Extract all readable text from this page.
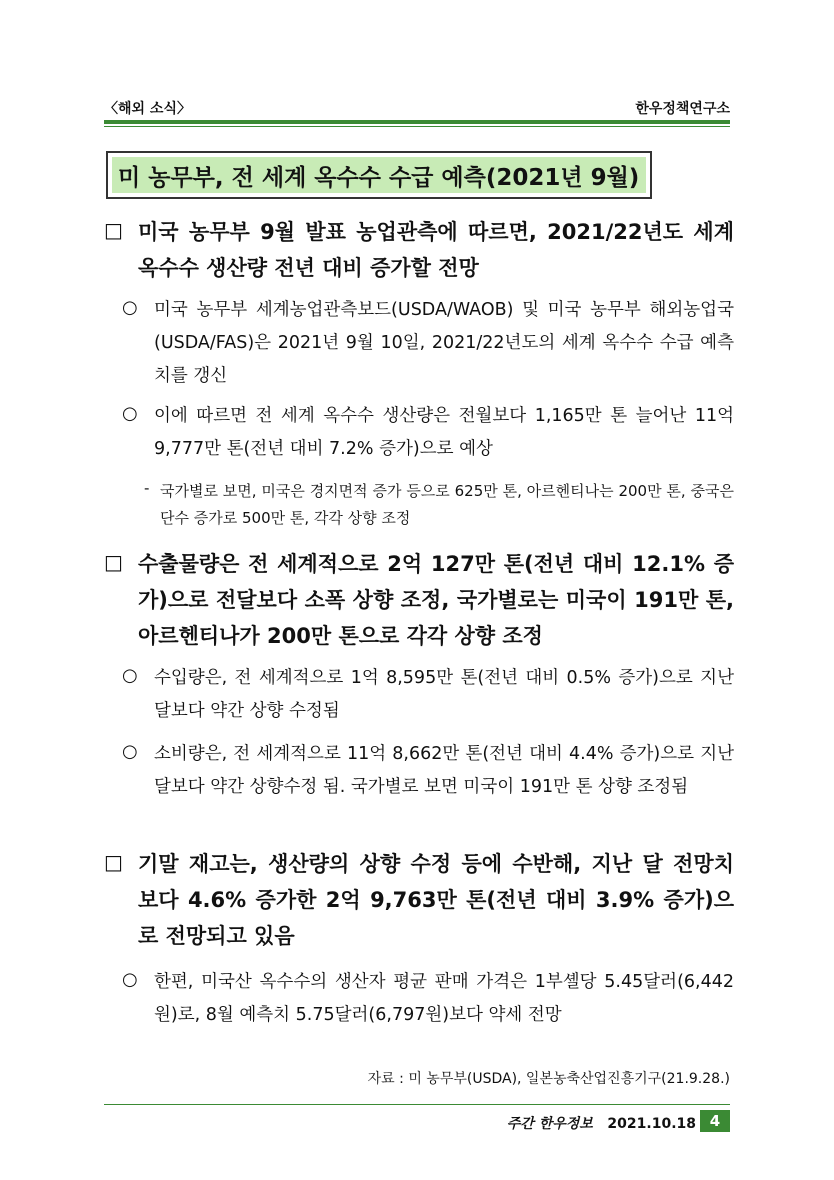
〈해외 소식〉	한우정책연구소
미 농무부, 전 세계 옥수수 수급 예측(2021년 9월)
□ 미국 농무부 9월 발표 농업관측에 따르면, 2021/22년도 세계 옥수수 생산량 전년 대비 증가할 전망
○ 미국 농무부 세계농업관측보드(USDA/WAOB) 및 미국 농무부 해외농업국(USDA/FAS)은 2021년 9월 10일, 2021/22년도의 세계 옥수수 수급 예측치를 갱신
○ 이에 따르면 전 세계 옥수수 생산량은 전월보다 1,165만 톤 늘어난 11억 9,777만 톤(전년 대비 7.2% 증가)으로 예상
- 국가별로 보면, 미국은 경지면적 증가 등으로 625만 톤, 아르헨티나는 200만 톤, 중국은 단수 증가로 500만 톤, 각각 상향 조정
□ 수출물량은 전 세계적으로 2억 127만 톤(전년 대비 12.1% 증가)으로 전달보다 소폭 상향 조정, 국가별로는 미국이 191만 톤, 아르헨티나가 200만 톤으로 각각 상향 조정
○ 수입량은, 전 세계적으로 1억 8,595만 톤(전년 대비 0.5% 증가)으로 지난달보다 약간 상향 수정됨
○ 소비량은, 전 세계적으로 11억 8,662만 톤(전년 대비 4.4% 증가)으로 지난달보다 약간 상향수정 됨. 국가별로 보면 미국이 191만 톤 상향 조정됨
□ 기말 재고는, 생산량의 상향 수정 등에 수반해, 지난 달 전망치 보다 4.6% 증가한 2억 9,763만 톤(전년 대비 3.9% 증가)으로 전망되고 있음
○ 한편, 미국산 옥수수의 생산자 평균 판매 가격은 1부셸당 5.45달러(6,442원)로, 8월 예측치 5.75달러(6,797원)보다 약세 전망
자료 : 미 농무부(USDA), 일본농축산업진흥기구(21.9.28.)
주간 한우정보 2021.10.18 4
